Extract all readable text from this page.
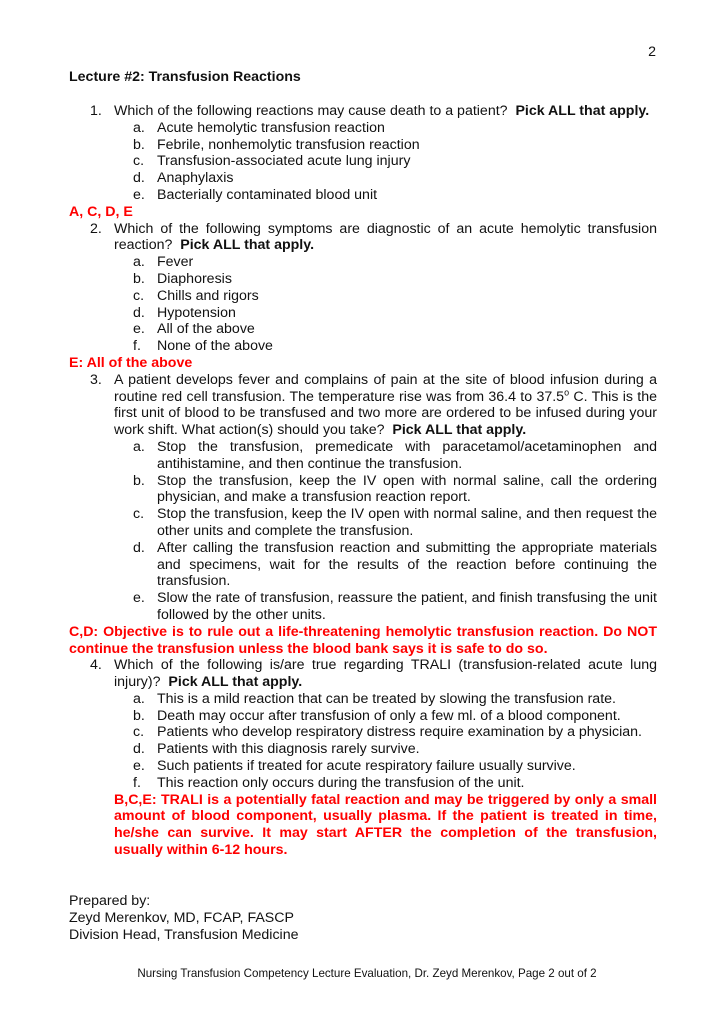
2
Lecture #2: Transfusion Reactions
1. Which of the following reactions may cause death to a patient? Pick ALL that apply.
a. Acute hemolytic transfusion reaction
b. Febrile, nonhemolytic transfusion reaction
c. Transfusion-associated acute lung injury
d. Anaphylaxis
e. Bacterially contaminated blood unit
A, C, D, E
2. Which of the following symptoms are diagnostic of an acute hemolytic transfusion reaction? Pick ALL that apply.
a. Fever
b. Diaphoresis
c. Chills and rigors
d. Hypotension
e. All of the above
f.	None of the above
E: All of the above
3. A patient develops fever and complains of pain at the site of blood infusion during a routine red cell transfusion. The temperature rise was from 36.4 to 37.5$^o$ C. This is the first unit of blood to be transfused and two more are ordered to be infused during your work shift. What action(s) should you take? Pick ALL that apply.
a. Stop the transfusion, premedicate with paracetamol/acetaminophen and antihistamine, and then continue the transfusion.
b. Stop the transfusion, keep the IV open with normal saline, call the ordering physician, and make a transfusion reaction report.
c. Stop the transfusion, keep the IV open with normal saline, and then request the other units and complete the transfusion.
d. After calling the transfusion reaction and submitting the appropriate materials and specimens, wait for the results of the reaction before continuing the transfusion.
e. Slow the rate of transfusion, reassure the patient, and finish transfusing the unit followed by the other units.
C,D: Objective is to rule out a life-threatening hemolytic transfusion reaction. Do NOT continue the transfusion unless the blood bank says it is safe to do so.
4. Which of the following is/are true regarding TRALI (transfusion-related acute lung injury)? Pick ALL that apply.
a. This is a mild reaction that can be treated by slowing the transfusion rate.
b. Death may occur after transfusion of only a few ml. of a blood component.
c. Patients who develop respiratory distress require examination by a physician.
d. Patients with this diagnosis rarely survive.
e. Such patients if treated for acute respiratory failure usually survive.
f.	This reaction only occurs during the transfusion of the unit.
B,C,E: TRALI is a potentially fatal reaction and may be triggered by only a small amount of blood component, usually plasma. If the patient is treated in time, he/she can survive. It may start AFTER the completion of the transfusion, usually within 6-12 hours.
Prepared by:
Zeyd Merenkov, MD, FCAP, FASCP
Division Head, Transfusion Medicine
Nursing Transfusion Competency Lecture Evaluation, Dr. Zeyd Merenkov, Page 2 out of 2
